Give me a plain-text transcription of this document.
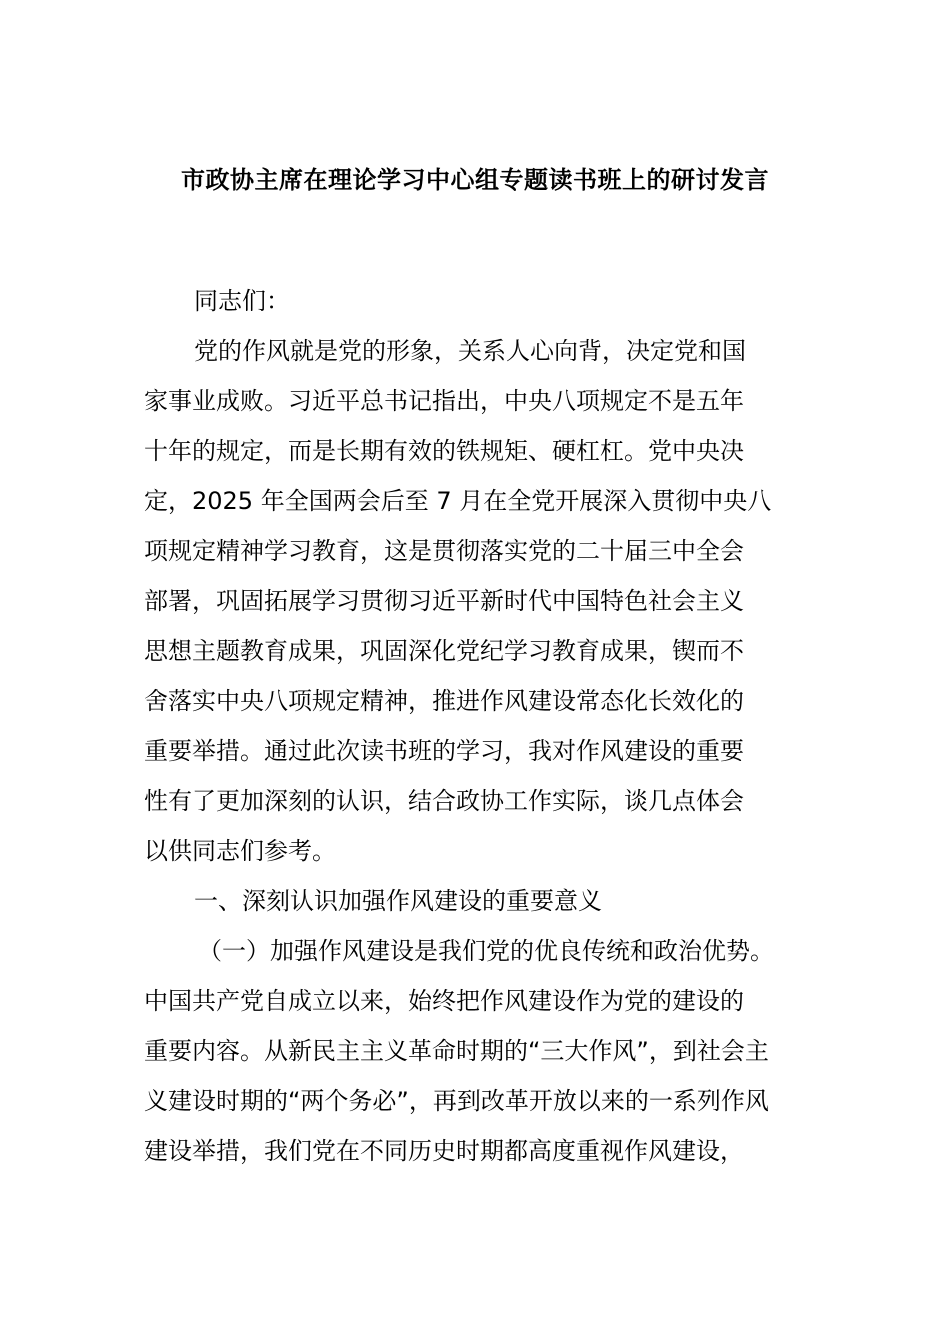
市政协主席在理论学习中心组专题读书班上的研讨发言
同志们：
党的作风就是党的形象，关系人心向背，决定党和国
家事业成败。习近平总书记指出，中央八项规定不是五年
十年的规定，而是长期有效的铁规矩、硬杠杠。党中央决
定，2025 年全国两会后至 7 月在全党开展深入贯彻中央八
项规定精神学习教育，这是贯彻落实党的二十届三中全会
部署，巩固拓展学习贯彻习近平新时代中国特色社会主义
思想主题教育成果，巩固深化党纪学习教育成果，锲而不
舍落实中央八项规定精神，推进作风建设常态化长效化的
重要举措。通过此次读书班的学习，我对作风建设的重要
性有了更加深刻的认识，结合政协工作实际，谈几点体会
以供同志们参考。
一、深刻认识加强作风建设的重要意义
（一）加强作风建设是我们党的优良传统和政治优势。
中国共产党自成立以来，始终把作风建设作为党的建设的
重要内容。从新民主主义革命时期的“三大作风”，到社会主
义建设时期的“两个务必”，再到改革开放以来的一系列作风
建设举措，我们党在不同历史时期都高度重视作风建设，
